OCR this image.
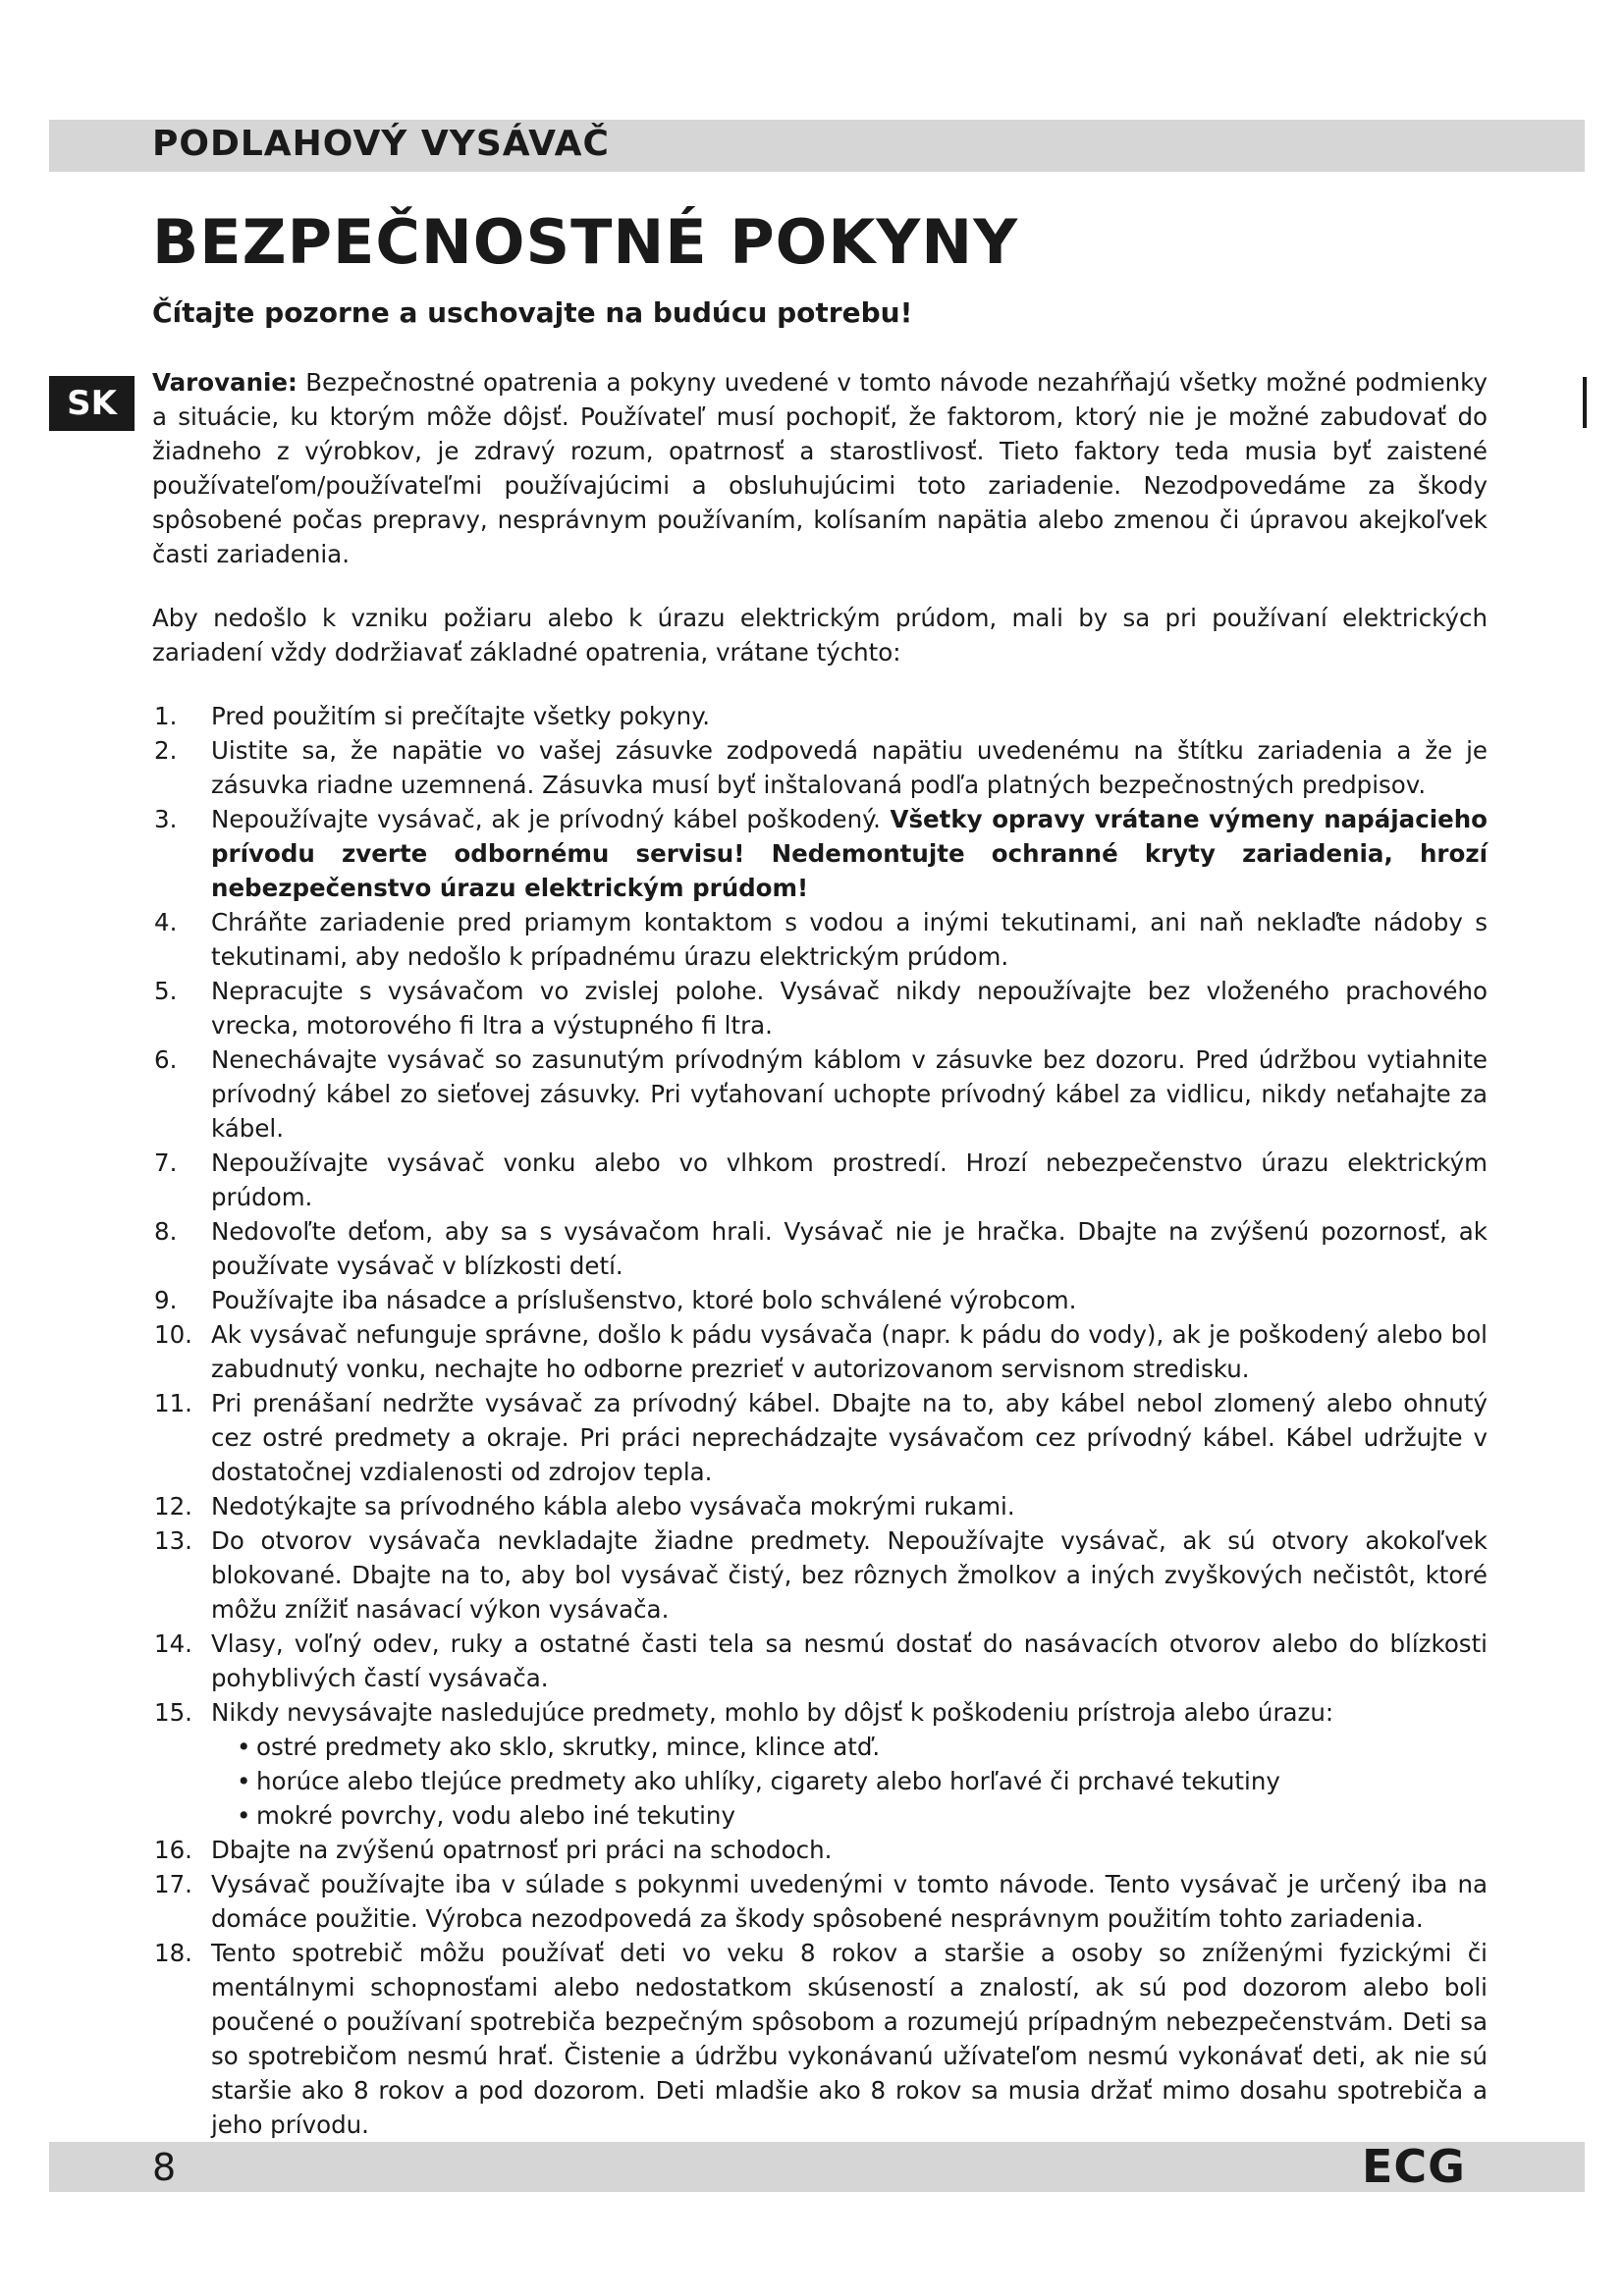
PODLAHOVÝ VYSÁVAČ
BEZPEČNOSTNÉ POKYNY
Čítajte pozorne a uschovajte na budúcu potrebu!
SK

Varovanie: Bezpečnostné opatrenia a pokyny uvedené v tomto návode nezahŕňajú všetky možné podmienky a situácie, ku ktorým môže dôjsť. Používateľ musí pochopiť, že faktorom, ktorý nie je možné zabudovať do žiadneho z výrobkov, je zdravý rozum, opatrnosť a starostlivosť. Tieto faktory teda musia byť zaistené používateľom/používateľmi používajúcimi a obsluhujúcimi toto zariadenie. Nezodpovedáme za škody spôsobené počas prepravy, nesprávnym používaním, kolísaním napätia alebo zmenou či úpravou akejkoľvek časti zariadenia.

Aby nedošlo k vzniku požiaru alebo k úrazu elektrickým prúdom, mali by sa pri používaní elektrických zariadení vždy dodržiavať základné opatrenia, vrátane týchto:

1. Pred použitím si prečítajte všetky pokyny.
2. Uistite sa, že napätie vo vašej zásuvke zodpovedá napätiu uvedenému na štítku zariadenia a že je zásuvka riadne uzemnená. Zásuvka musí byť inštalovaná podľa platných bezpečnostných predpisov.
3. Nepoužívajte vysávač, ak je prívodný kábel poškodený. Všetky opravy vrátane výmeny napájacieho prívodu zverte odbornému servisu! Nedemontujte ochranné kryty zariadenia, hrozí nebezpečenstvo úrazu elektrickým prúdom!
4. Chráňte zariadenie pred priamym kontaktom s vodou a inými tekutinami, ani naň neklaďte nádoby s tekutinami, aby nedošlo k prípadnému úrazu elektrickým prúdom.
5. Nepracujte s vysávačom vo zvislej polohe. Vysávač nikdy nepoužívajte bez vloženého prachového vrecka, motorového fi ltra a výstupného fi ltra.
6. Nenechávajte vysávač so zasunutým prívodným káblom v zásuvke bez dozoru. Pred údržbou vytiahnite prívodný kábel zo sieťovej zásuvky. Pri vyťahovaní uchopte prívodný kábel za vidlicu, nikdy neťahajte za kábel.
7. Nepoužívajte vysávač vonku alebo vo vlhkom prostredí. Hrozí nebezpečenstvo úrazu elektrickým prúdom.
8. Nedovoľte deťom, aby sa s vysávačom hrali. Vysávač nie je hračka. Dbajte na zvýšenú pozornosť, ak používate vysávač v blízkosti detí.
9. Používajte iba násadce a príslušenstvo, ktoré bolo schválené výrobcom.
10. Ak vysávač nefunguje správne, došlo k pádu vysávača (napr. k pádu do vody), ak je poškodený alebo bol zabudnutý vonku, nechajte ho odborne prezrieť v autorizovanom servisnom stredisku.
11. Pri prenášaní nedržte vysávač za prívodný kábel. Dbajte na to, aby kábel nebol zlomený alebo ohnutý cez ostré predmety a okraje. Pri práci neprechádzajte vysávačom cez prívodný kábel. Kábel udržujte v dostatočnej vzdialenosti od zdrojov tepla.
12. Nedotýkajte sa prívodného kábla alebo vysávača mokrými rukami.
13. Do otvorov vysávača nevkladajte žiadne predmety. Nepoužívajte vysávač, ak sú otvory akokoľvek blokované. Dbajte na to, aby bol vysávač čistý, bez rôznych žmolkov a iných zvyškových nečistôt, ktoré môžu znížiť nasávací výkon vysávača.
14. Vlasy, voľný odev, ruky a ostatné časti tela sa nesmú dostať do nasávacích otvorov alebo do blízkosti pohyblivých častí vysávača.
15. Nikdy nevysávajte nasledujúce predmety, mohlo by dôjsť k poškodeniu prístroja alebo úrazu:
• ostré predmety ako sklo, skrutky, mince, klince atď.
• horúce alebo tlejúce predmety ako uhlíky, cigarety alebo horľavé či prchavé tekutiny
• mokré povrchy, vodu alebo iné tekutiny
16. Dbajte na zvýšenú opatrnosť pri práci na schodoch.
17. Vysávač používajte iba v súlade s pokynmi uvedenými v tomto návode. Tento vysávač je určený iba na domáce použitie. Výrobca nezodpovedá za škody spôsobené nesprávnym použitím tohto zariadenia.
18. Tento spotrebič môžu používať deti vo veku 8 rokov a staršie a osoby so zníženými fyzickými či mentálnymi schopnosťami alebo nedostatkom skúseností a znalostí, ak sú pod dozorom alebo boli poučené o používaní spotrebiča bezpečným spôsobom a rozumejú prípadným nebezpečenstvám. Deti sa so spotrebičom nesmú hrať. Čistenie a údržbu vykonávanú užívateľom nesmú vykonávať deti, ak nie sú staršie ako 8 rokov a pod dozorom. Deti mladšie ako 8 rokov sa musia držať mimo dosahu spotrebiča a jeho prívodu.
8	ECG
